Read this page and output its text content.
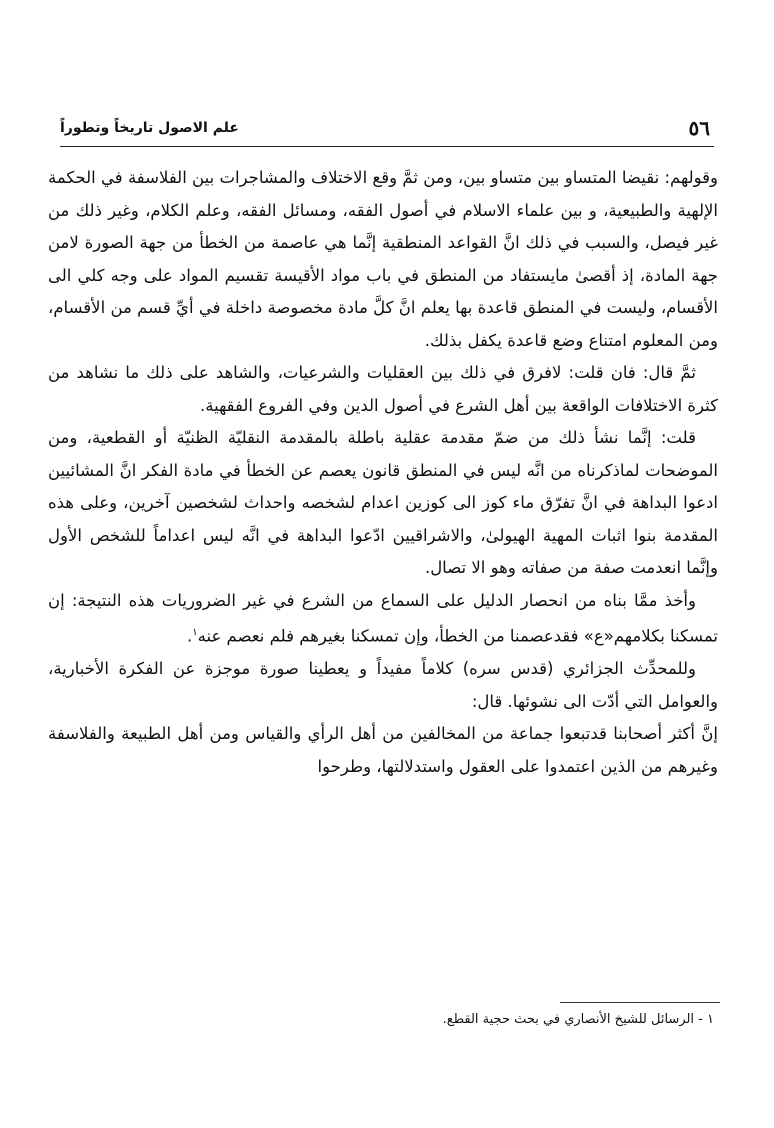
٥٦
علم الاصول تاريخاً وتطوراً

وقولهم: نقيضا المتساو بين متساو بين، ومن ثمَّ وقع الاختلاف والمشاجرات بين الفلاسفة في الحكمة الإلهية والطبيعية، و بين علماء الاسلام في أصول الفقه، ومسائل الفقه، وعلم الكلام، وغير ذلك من غير فيصل، والسبب في ذلك انَّ القواعد المنطقية إنَّما هي عاصمة من الخطأ من جهة الصورة لامن جهة المادة، إذ أقصىٰ مايستفاد من المنطق في باب مواد الأقيسة تقسيم المواد على وجه كلي الى الأقسام، وليست في المنطق قاعدة بها يعلم انَّ كلَّ مادة مخصوصة داخلة في أيِّ قسم من الأقسام، ومن المعلوم امتناع وضع قاعدة يكفل بذلك.

ثمَّ قال: فان قلت: لافرق في ذلك بين العقليات والشرعيات، والشاهد على ذلك ما نشاهد من كثرة الاختلافات الواقعة بين أهل الشرع في أصول الدين وفي الفروع الفقهية.

قلت: إنَّما نشأ ذلك من ضمّ مقدمة عقلية باطلة بالمقدمة النقليّة الظنيّة أو القطعية، ومن الموضحات لماذكرناه من انَّه ليس في المنطق قانون يعصم عن الخطأ في مادة الفكر انَّ المشائيين ادعوا البداهة في انَّ تفرّق ماء كوز الى كوزين اعدام لشخصه واحداث لشخصين آخرين، وعلى هذه المقدمة بنوا اثبات المهية الهيولىٰ، والاشراقيين ادّعوا البداهة في انَّه ليس اعداماً للشخص الأول وإنَّما انعدمت صفة من صفاته وهو الا تصال.

وأخذ ممَّا بناه من انحصار الدليل على السماع من الشرع في غير الضروريات هذه النتيجة: إن تمسكنا بكلامهم«ع» فقدعصمنا من الخطأ، وإن تمسكنا بغيرهم فلم نعصم عنه$^١$.

وللمحدِّث الجزائري (قدس سره) كلاماً مفيداً و يعطينا صورة موجزة عن الفكرة الأخبارية، والعوامل التي أدّت الى نشوئها. قال:

إنَّ أكثر أصحابنا قدتبعوا جماعة من المخالفين من أهل الرأي والقياس ومن أهل الطبيعة والفلاسفة وغيرهم من الذين اعتمدوا على العقول واستدلالتها، وطرحوا

١ - الرسائل للشيخ الأنصاري في بحث حجية القطع.
